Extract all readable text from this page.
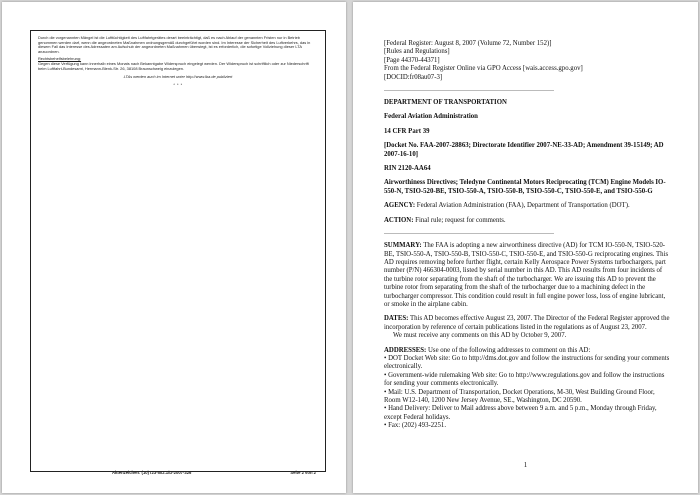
Durch die vorgenannten Mängel ist die Lufttüchtigkeit des Luftfahrtgerätes derart beeinträchtigt, daß es nach Ablauf der genannten Fristen nur in Betrieb genommen werden darf, wenn die angeordneten Maßnahmen ordnungsgemäß durchgeführt worden sind. Im Interesse der Sicherheit des Luftverkehrs, das in diesem Fall das Interesse des Adressaten am Aufschub der angeordneten Maßnahmen überwiegt, ist es erforderlich, die sofortige Vollziehung dieser LTA anzuordnen.

Rechtsbehelfsbelehrung:

Gegen diese Verfügung kann innerhalb eines Monats nach Bekanntgabe Widerspruch eingelegt werden. Der Widerspruch ist schriftlich oder zur Niederschrift beim Luftfahrt-Bundesamt, Hermann-Blenk-Str. 26, 38108 Braunschweig einzulegen.

LTAs werden auch im Internet unter http://www.lba.de publiziert

* * *

Aktenzeichen: (10)T23-502.1/D-2007-326	Seite 2 von 2

[Federal Register: August 8, 2007 (Volume 72, Number 152)]

[Rules and Regulations]

[Page 44370-44371]

From the Federal Register Online via GPO Access [wais.access.gpo.gov]

[DOCID:fr08au07-3]

DEPARTMENT OF TRANSPORTATION

Federal Aviation Administration

14 CFR Part 39

[Docket No. FAA-2007-28863; Directorate Identifier 2007-NE-33-AD; Amendment 39-15149; AD 2007-16-10]

RIN 2120-AA64

Airworthiness Directives; Teledyne Continental Motors Reciprocating (TCM) Engine Models IO-550-N, TSIO-520-BE, TSIO-550-A, TSIO-550-B, TSIO-550-C, TSIO-550-E, and TSIO-550-G

AGENCY: Federal Aviation Administration (FAA), Department of Transportation (DOT).

ACTION: Final rule; request for comments.

SUMMARY: The FAA is adopting a new airworthiness directive (AD) for TCM IO-550-N, TSIO-520-BE, TSIO-550-A, TSIO-550-B, TSIO-550-C, TSIO-550-E, and TSIO-550-G reciprocating engines. This AD requires removing before further flight, certain Kelly Aerospace Power Systems turbochargers, part number (P/N) 466304-0003, listed by serial number in this AD. This AD results from four incidents of the turbine rotor separating from the shaft of the turbocharger. We are issuing this AD to prevent the turbine rotor from separating from the shaft of the turbocharger due to a machining defect in the turbocharger compressor. This condition could result in full engine power loss, loss of engine lubricant, or smoke in the airplane cabin.

DATES: This AD becomes effective August 23, 2007. The Director of the Federal Register approved the incorporation by reference of certain publications listed in the regulations as of August 23, 2007.

We must receive any comments on this AD by October 9, 2007.

ADDRESSES: Use one of the following addresses to comment on this AD:

• DOT Docket Web site: Go to http://dms.dot.gov and follow the instructions for sending your comments electronically.

• Government-wide rulemaking Web site: Go to http://www.regulations.gov and follow the instructions for sending your comments electronically.

• Mail: U.S. Department of Transportation, Docket Operations, M-30, West Building Ground Floor, Room W12-140, 1200 New Jersey Avenue, SE., Washington, DC 20590.

• Hand Delivery: Deliver to Mail address above between 9 a.m. and 5 p.m., Monday through Friday, except Federal holidays.

• Fax: (202) 493-2251.

1
